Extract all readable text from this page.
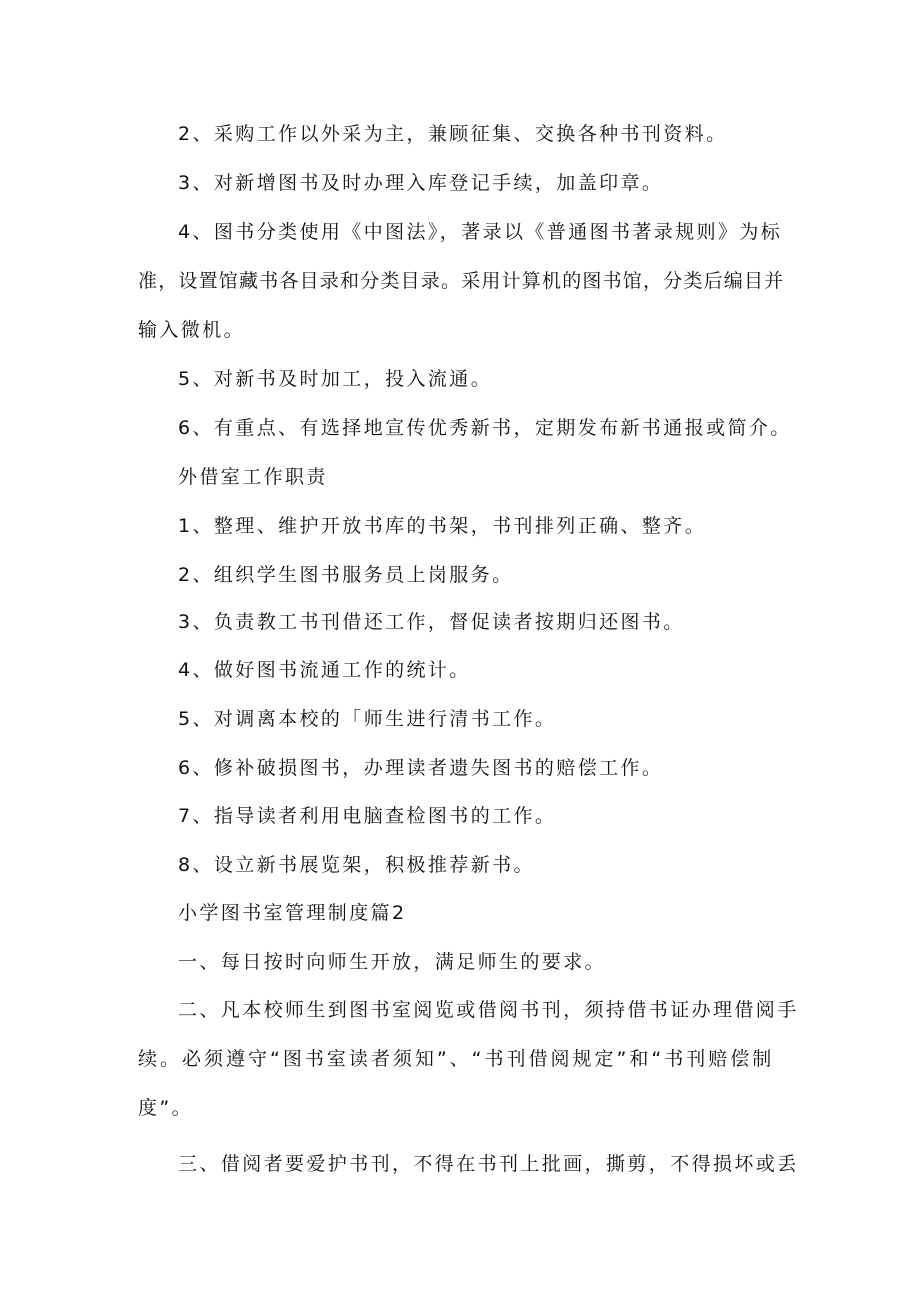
2、采购工作以外采为主，兼顾征集、交换各种书刊资料。
3、对新增图书及时办理入库登记手续，加盖印章。
4、图书分类使用《中图法》，著录以《普通图书著录规则》为标
准，设置馆藏书各目录和分类目录。采用计算机的图书馆，分类后编目并
输入微机。
5、对新书及时加工，投入流通。
6、有重点、有选择地宣传优秀新书，定期发布新书通报或简介。
外借室工作职责
1、整理、维护开放书库的书架，书刊排列正确、整齐。
2、组织学生图书服务员上岗服务。
3、负责教工书刊借还工作，督促读者按期归还图书。
4、做好图书流通工作的统计。
5、对调离本校的「师生进行清书工作。
6、修补破损图书，办理读者遗失图书的赔偿工作。
7、指导读者利用电脑查检图书的工作。
8、设立新书展览架，积极推荐新书。
小学图书室管理制度篇2
一、每日按时向师生开放，满足师生的要求。
二、凡本校师生到图书室阅览或借阅书刊，须持借书证办理借阅手
续。必须遵守“图书室读者须知”、“书刊借阅规定”和“书刊赔偿制
度”。
三、借阅者要爱护书刊，不得在书刊上批画，撕剪，不得损坏或丢
